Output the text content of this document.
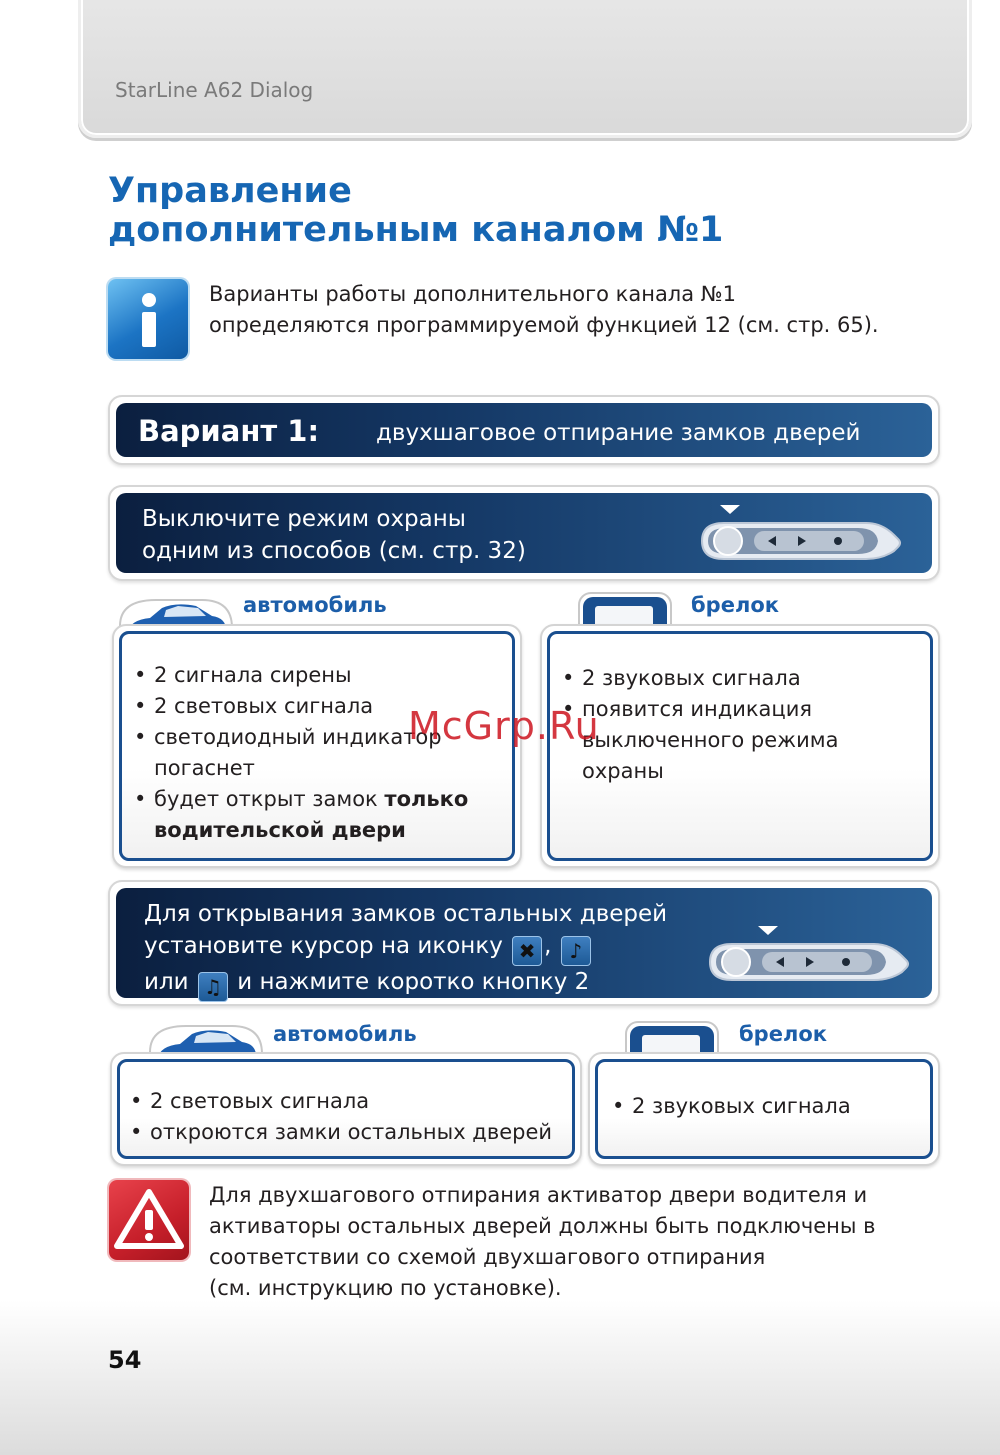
StarLine A62 Dialog
Управление
дополнительным каналом №1
Варианты работы дополнительного канала №1
определяются программируемой функцией 12 (см. стр. 65).
Вариант 1: двухшаговое отпирание замков дверей
Выключите режим охраны
одним из способов (см. стр. 32)
автомобиль	брелок
• 2 сигнала сирены
• 2 световых сигнала
• светодиодный индикатор
погаснет
• будет открыт замок только
водительской двери
• 2 звуковых сигнала
• появится индикация
выключенного режима
охраны
Для открывания замков остальных дверей
установите курсор на иконку ✖ , ♪
или ♫ и нажмите коротко кнопку 2
автомобиль	брелок
• 2 световых сигнала
• откроются замки остальных дверей
• 2 звуковых сигнала
Для двухшагового отпирания активатор двери водителя и
активаторы остальных дверей должны быть подключены в
соответствии со схемой двухшагового отпирания
(см. инструкцию по установке).
54
McGrp.Ru
